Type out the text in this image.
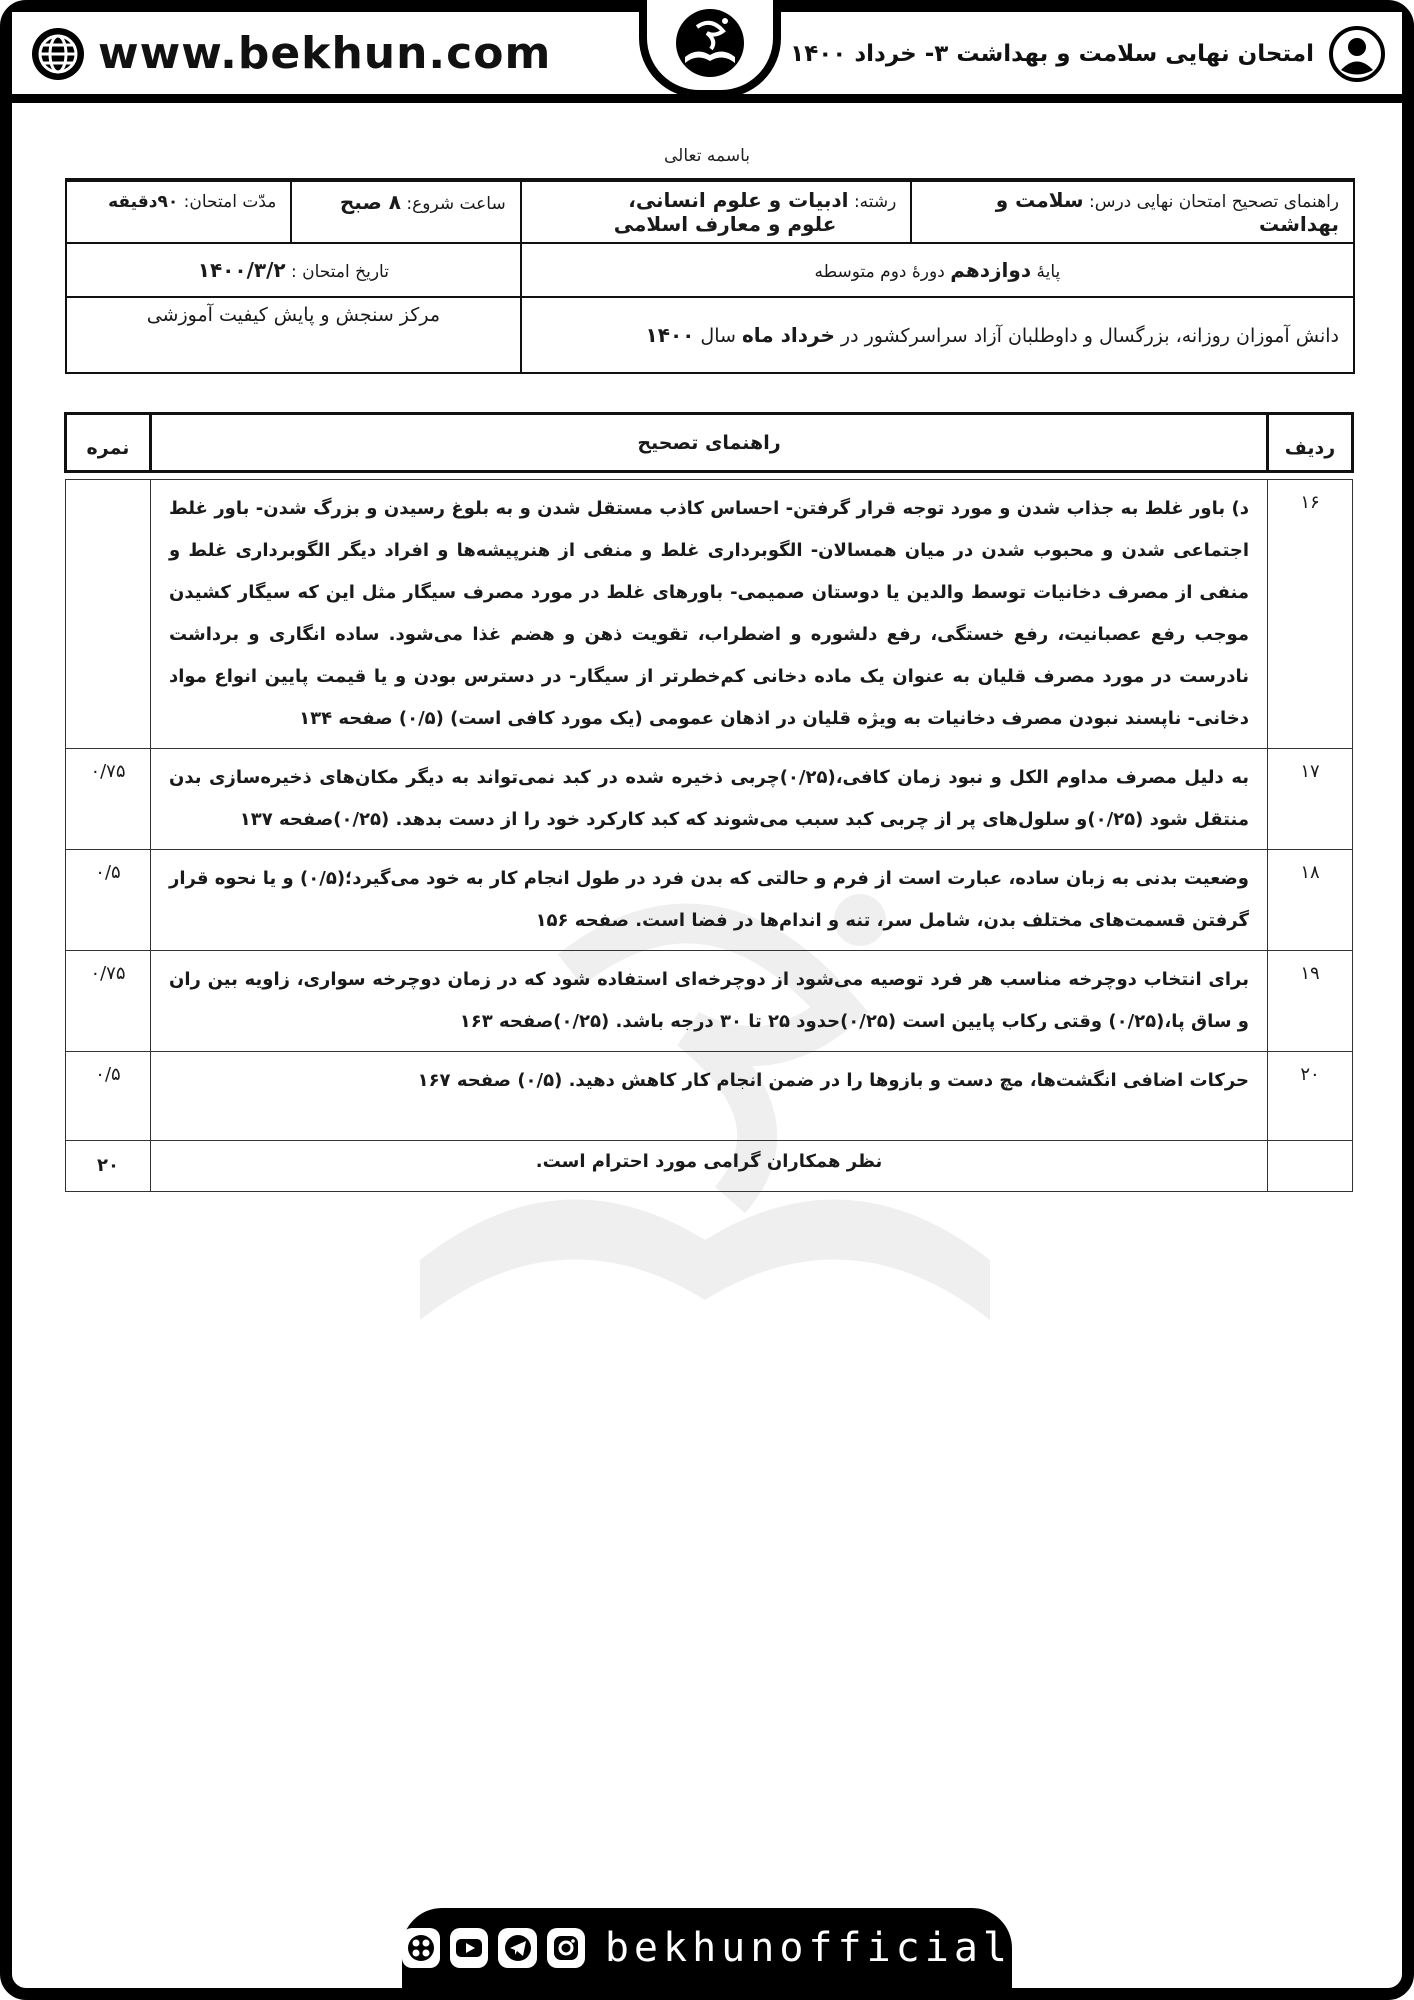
www.bekhun.com	امتحان نهایی سلامت و بهداشت ۳- خرداد ۱۴۰۰
باسمه تعالی
راهنمای تصحیح امتحان نهایی درس: سلامت و بهداشت	رشته: ادبیات و علوم انسانی،
علوم و معارف اسلامی	ساعت شروع: ۸ صبح	مدّت امتحان: ۹۰دقیقه

پایهٔ دوازدهم دورهٔ دوم متوسطه		تاریخ امتحان : ۱۴۰۰/۳/۲	
دانش آموزان روزانه، بزرگسال و داوطلبان آزاد سراسرکشور در خرداد ماه سال ۱۴۰۰		مرکز سنجش و پایش کیفیت آموزشی	
ردیف	راهنمای تصحیح	نمره

۱۶	د) باور غلط به جذاب شدن و مورد توجه قرار گرفتن- احساس کاذب مستقل شدن و به بلوغ رسیدن و بزرگ شدن- باور غلط اجتماعی شدن و محبوب شدن در میان همسالان- الگوبرداری غلط و منفی از هنرپیشه‌ها و افراد دیگر الگوبرداری غلط و منفی از مصرف دخانیات توسط والدین یا دوستان صمیمی- باورهای غلط در مورد مصرف سیگار مثل این که سیگار کشیدن موجب رفع عصبانیت، رفع خستگی، رفع دلشوره و اضطراب، تقویت ذهن و هضم غذا می‌شود. ساده انگاری و برداشت نادرست در مورد مصرف قلیان به عنوان یک ماده دخانی کم‌خطرتر از سیگار- در دسترس بودن و یا قیمت پایین انواع مواد دخانی- ناپسند نبودن مصرف دخانیات به ویژه قلیان در اذهان عمومی (یک مورد کافی است) (۰/۵) صفحه ۱۳۴	
۱۷	به دلیل مصرف مداوم الکل و نبود زمان کافی،(۰/۲۵)چربی ذخیره شده در کبد نمی‌تواند به دیگر مکان‌های ذخیره‌سازی بدن منتقل شود (۰/۲۵)و سلول‌های پر از چربی کبد سبب می‌شوند که کبد کارکرد خود را از دست بدهد. (۰/۲۵)صفحه ۱۳۷	۰/۷۵
۱۸	وضعیت بدنی به زبان ساده، عبارت است از فرم و حالتی که بدن فرد در طول انجام کار به خود می‌گیرد؛(۰/۵) و یا نحوه قرار گرفتن قسمت‌های مختلف بدن، شامل سر، تنه و اندام‌ها در فضا است. صفحه ۱۵۶	۰/۵
۱۹	برای انتخاب دوچرخه مناسب هر فرد توصیه می‌شود از دوچرخه‌ای استفاده شود که در زمان دوچرخه سواری، زاویه بین ران و ساق پا،(۰/۲۵) وقتی رکاب پایین است (۰/۲۵)حدود ۲۵ تا ۳۰ درجه باشد. (۰/۲۵)صفحه ۱۶۳	۰/۷۵
۲۰	حرکات اضافی انگشت‌ها، مچ دست و بازوها را در ضمن انجام کار کاهش دهید. (۰/۵) صفحه ۱۶۷	۰/۵
	نظر همکاران گرامی مورد احترام است.	۲۰
bekhunofficial
